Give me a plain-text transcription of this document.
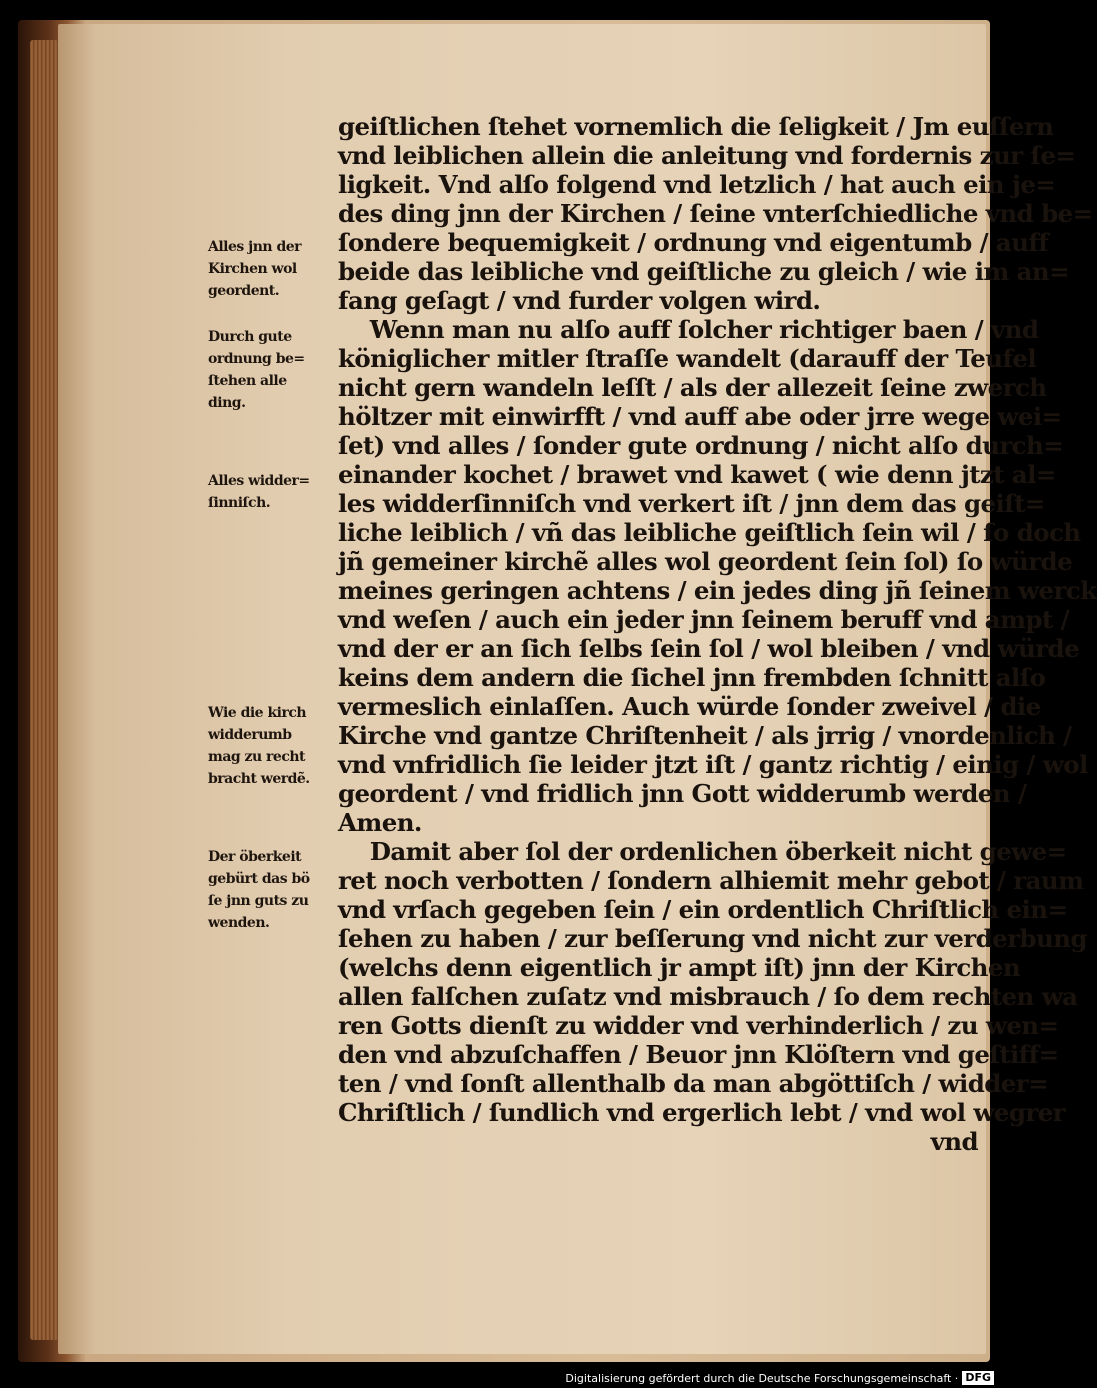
geiſtlichen ſtehet vornemlich die ſeligkeit / Jm euſſern
vnd leiblichen allein die anleitung vnd fordernis zur ſe=
ligkeit. Vnd alſo folgend vnd letzlich / hat auch ein je=
des ding jnn der Kirchen / ſeine vnterſchiedliche vnd be=
ſondere bequemigkeit / ordnung vnd eigentumb / auff
beide das leibliche vnd geiſtliche zu gleich / wie im an=
fang geſagt / vnd furder volgen wird.
Wenn man nu alſo auff ſolcher richtiger baen / vnd
königlicher mitler ſtraſſe wandelt (darauff der Teufel
nicht gern wandeln leſſt / als der allezeit ſeine zwerch
höltzer mit einwirfft / vnd auff abe oder jrre wege wei=
ſet) vnd alles / ſonder gute ordnung / nicht alſo durch=
einander kochet / brawet vnd kawet ( wie denn jtzt al=
les widderſinniſch vnd verkert iſt / jnn dem das geiſt=
liche leiblich / vñ das leibliche geiſtlich ſein wil / ſo doch
jñ gemeiner kirchẽ alles wol geordent ſein ſol) ſo würde
meines geringen achtens / ein jedes ding jñ ſeinem werck
vnd weſen / auch ein jeder jnn ſeinem beruff vnd ampt /
vnd der er an ſich ſelbs ſein ſol / wol bleiben / vnd würde
keins dem andern die ſichel jnn frembden ſchnitt alſo
vermeslich einlaſſen. Auch würde ſonder zweivel / die
Kirche vnd gantze Chriſtenheit / als jrrig / vnordenlich /
vnd vnfridlich ſie leider jtzt iſt / gantz richtig / einig / wol
geordent / vnd fridlich jnn Gott widderumb werden /
Amen.
Damit aber ſol der ordenlichen öberkeit nicht gewe=
ret noch verbotten / ſondern alhiemit mehr gebot / raum
vnd vrſach gegeben ſein / ein ordentlich Chriſtlich ein=
ſehen zu haben / zur beſſerung vnd nicht zur verderbung
(welchs denn eigentlich jr ampt iſt) jnn der Kirchen
allen falſchen zuſatz vnd misbrauch / ſo dem rechten wa
ren Gotts dienſt zu widder vnd verhinderlich / zu wen=
den vnd abzuſchaffen / Beuor jnn Klöſtern vnd geſtiff=
ten / vnd ſonſt allenthalb da man abgöttiſch / widder=
Chriſtlich / ſundlich vnd ergerlich lebt / vnd wol wegrer
vnd
Alles jnn der
Kirchen wol
geordent.
Durch gute
ordnung be=
ſtehen alle
ding.
Alles widder=
ſinniſch.
Wie die kirch
widderumb
mag zu recht
bracht werdẽ.
Der öberkeit
gebürt das bö
ſe jnn guts zu
wenden.
Digitalisierung gefördert durch die Deutsche Forschungsgemeinschaft · DFG
